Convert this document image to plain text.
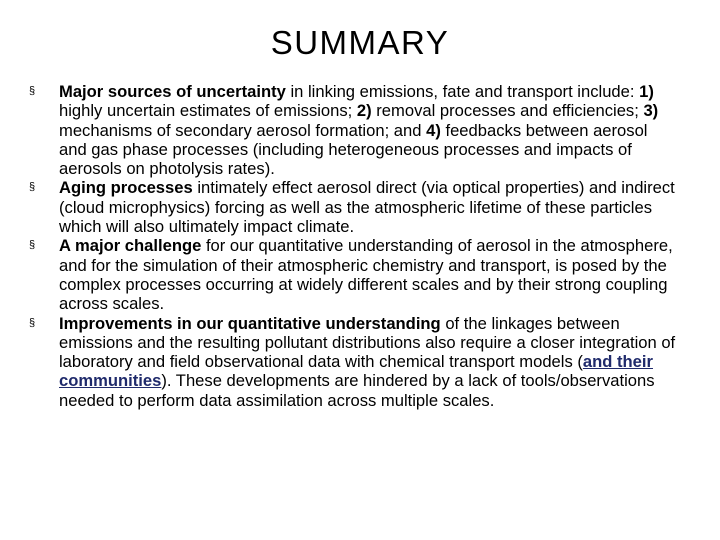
SUMMARY
§	Major sources of uncertainty in linking emissions, fate and transport include: 1) highly uncertain estimates of emissions; 2) removal processes and efficiencies; 3) mechanisms of secondary aerosol formation; and 4) feedbacks between aerosol and gas phase processes (including heterogeneous processes and impacts of aerosols on photolysis rates).
§	Aging processes intimately effect aerosol direct (via optical properties) and indirect (cloud microphysics) forcing as well as the atmospheric lifetime of these particles which will also ultimately impact climate.
§	A major challenge for our quantitative understanding of aerosol in the atmosphere, and for the simulation of their atmospheric chemistry and transport, is posed by the complex processes occurring at widely different scales and by their strong coupling across scales.
§	Improvements in our quantitative understanding of the linkages between emissions and the resulting pollutant distributions also require a closer integration of laboratory and field observational data with chemical transport models (and their communities). These developments are hindered by a lack of tools/observations needed to perform data assimilation across multiple scales.
